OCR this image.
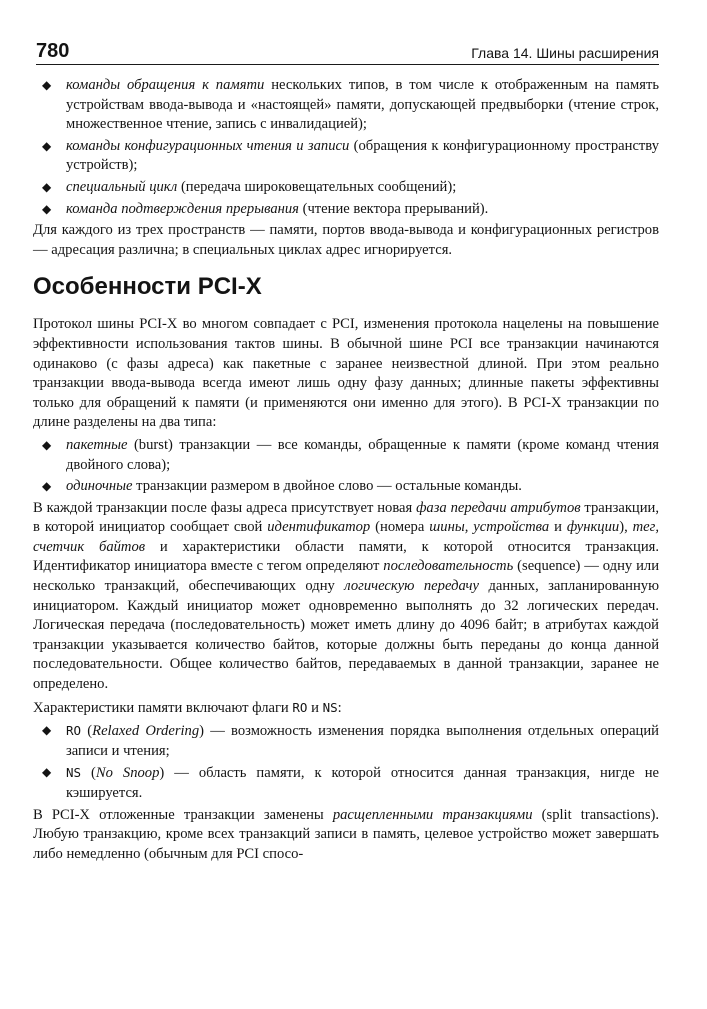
780	Глава 14. Шины расширения
◆ команды обращения к памяти нескольких типов, в том числе к отображенным на память устройствам ввода-вывода и «настоящей» памяти, допускающей предвыборки (чтение строк, множественное чтение, запись с инвалидацией);
◆ команды конфигурационных чтения и записи (обращения к конфигурационному пространству устройств);
◆ специальный цикл (передача широковещательных сообщений);
◆ команда подтверждения прерывания (чтение вектора прерываний).

Для каждого из трех пространств — памяти, портов ввода-вывода и конфигурационных регистров — адресация различна; в специальных циклах адрес игнорируется.

Особенности PCI-X

Протокол шины PCI-X во многом совпадает с PCI, изменения протокола нацелены на повышение эффективности использования тактов шины. В обычной шине PCI все транзакции начинаются одинаково (с фазы адреса) как пакетные с заранее неизвестной длиной. При этом реально транзакции ввода-вывода всегда имеют лишь одну фазу данных; длинные пакеты эффективны только для обращений к памяти (и применяются они именно для этого). В PCI-X транзакции по длине разделены на два типа:

◆ пакетные (burst) транзакции — все команды, обращенные к памяти (кроме команд чтения двойного слова);
◆ одиночные транзакции размером в двойное слово — остальные команды.

В каждой транзакции после фазы адреса присутствует новая фаза передачи атрибутов транзакции, в которой инициатор сообщает свой идентификатор (номера шины, устройства и функции), тег, счетчик байтов и характеристики области памяти, к которой относится транзакция. Идентификатор инициатора вместе с тегом определяют последовательность (sequence) — одну или несколько транзакций, обеспечивающих одну логическую передачу данных, запланированную инициатором. Каждый инициатор может одновременно выполнять до 32 логических передач. Логическая передача (последовательность) может иметь длину до 4096 байт; в атрибутах каждой транзакции указывается количество байтов, которые должны быть переданы до конца данной последовательности. Общее количество байтов, передаваемых в данной транзакции, заранее не определено.

Характеристики памяти включают флаги RO и NS:

◆ RO (Relaxed Ordering) — возможность изменения порядка выполнения отдельных операций записи и чтения;
◆ NS (No Snoop) — область памяти, к которой относится данная транзакция, нигде не кэшируется.

В PCI-X отложенные транзакции заменены расщепленными транзакциями (split transactions). Любую транзакцию, кроме всех транзакций записи в память, целевое устройство может завершать либо немедленно (обычным для PCI спосо-
